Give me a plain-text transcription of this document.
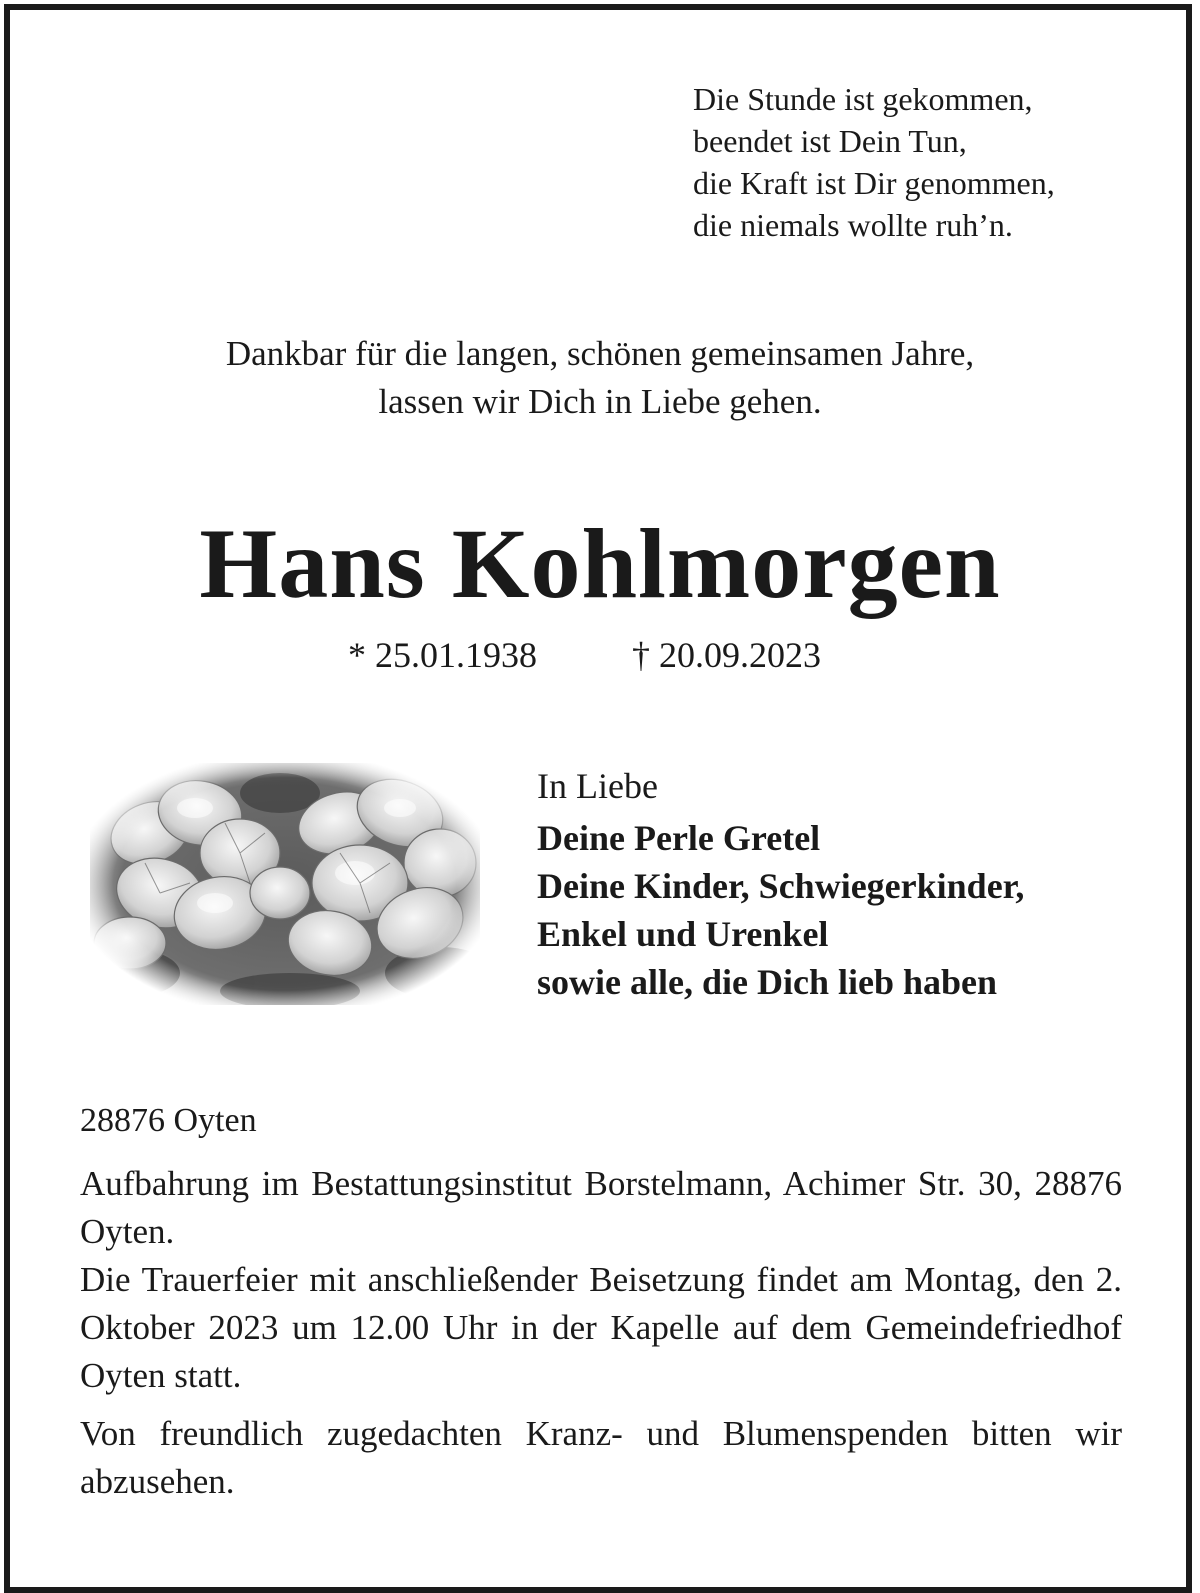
Die Stunde ist gekommen,
beendet ist Dein Tun,
die Kraft ist Dir genommen,
die niemals wollte ruh’n.
Dankbar für die langen, schönen gemeinsamen Jahre,
lassen wir Dich in Liebe gehen.
Hans Kohlmorgen
* 25.01.1938	† 20.09.2023
In Liebe
Deine Perle Gretel
Deine Kinder, Schwiegerkinder,
Enkel und Urenkel
sowie alle, die Dich lieb haben
28876 Oyten

Aufbahrung im Bestattungsinstitut Borstelmann, Achimer Str. 30, 28876 Oyten.

Die Trauerfeier mit anschließender Beisetzung findet am Montag, den 2. Oktober 2023 um 12.00 Uhr in der Kapelle auf dem Gemeindefriedhof Oyten statt.

Von freundlich zugedachten Kranz- und Blumenspenden bitten wir abzusehen.
